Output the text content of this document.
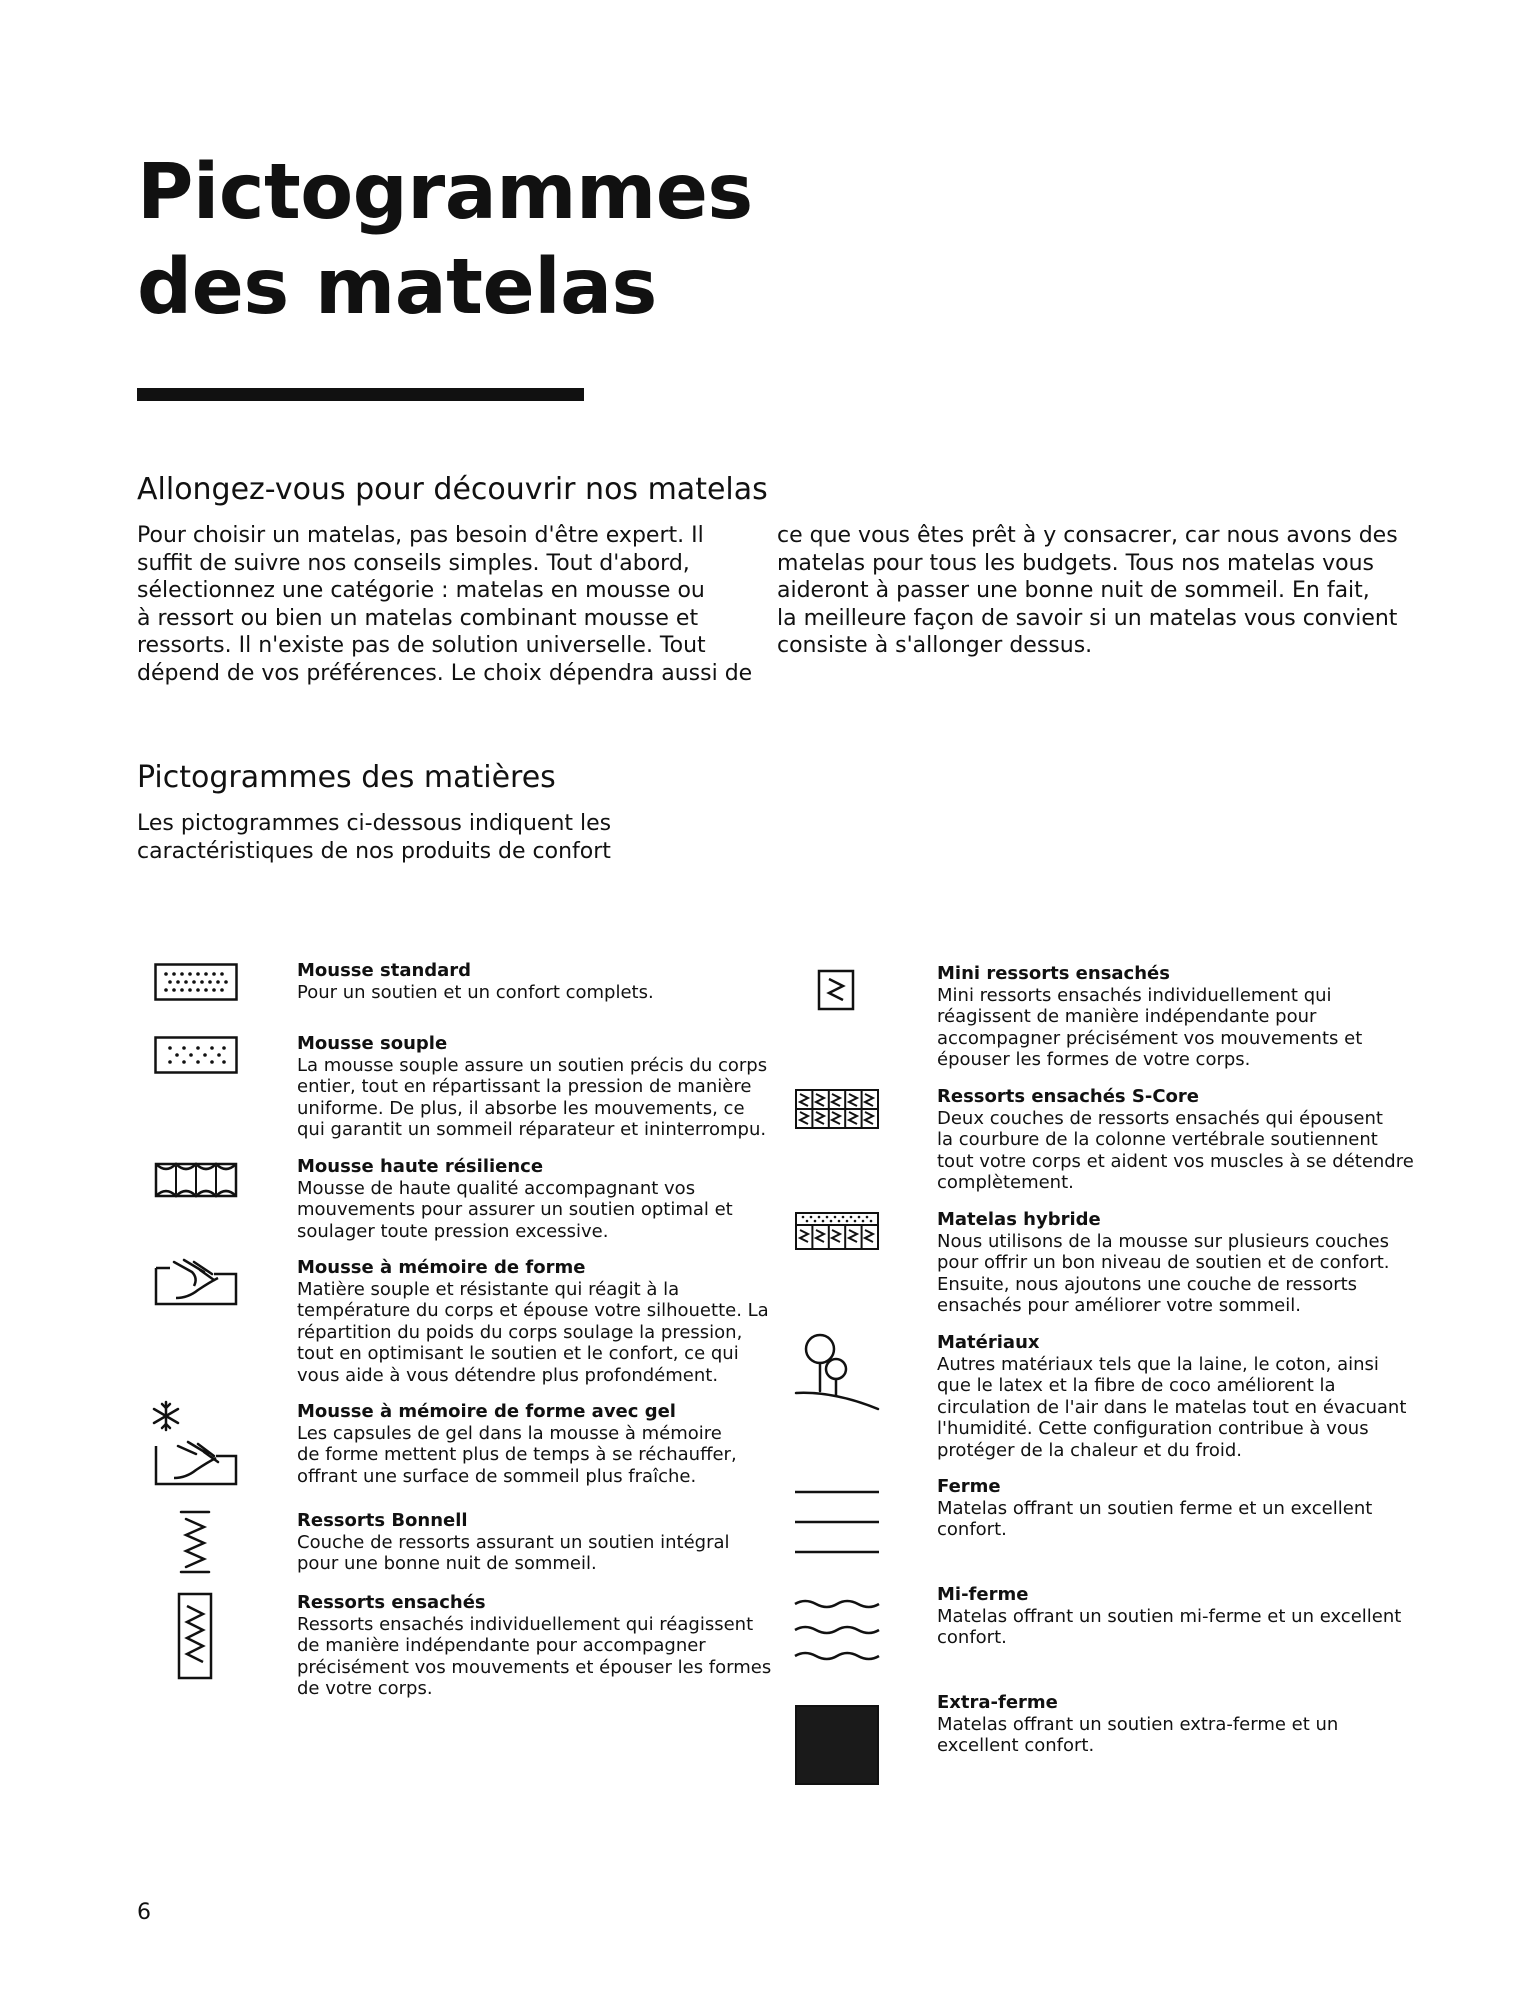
Pictogrammes
des matelas
Allongez-vous pour découvrir nos matelas
Pour choisir un matelas, pas besoin d'être expert. Il
suffit de suivre nos conseils simples. Tout d'abord,
sélectionnez une catégorie : matelas en mousse ou
à ressort ou bien un matelas combinant mousse et
ressorts. Il n'existe pas de solution universelle. Tout
dépend de vos préférences. Le choix dépendra aussi de
ce que vous êtes prêt à y consacrer, car nous avons des
matelas pour tous les budgets. Tous nos matelas vous
aideront à passer une bonne nuit de sommeil. En fait,
la meilleure façon de savoir si un matelas vous convient
consiste à s'allonger dessus.
Pictogrammes des matières
Les pictogrammes ci-dessous indiquent les
caractéristiques de nos produits de confort
Mousse standard
Pour un soutien et un confort complets.
Mousse souple
La mousse souple assure un soutien précis du corps
entier, tout en répartissant la pression de manière
uniforme. De plus, il absorbe les mouvements, ce
qui garantit un sommeil réparateur et ininterrompu.
Mousse haute résilience
Mousse de haute qualité accompagnant vos
mouvements pour assurer un soutien optimal et
soulager toute pression excessive.
Mousse à mémoire de forme
Matière souple et résistante qui réagit à la
température du corps et épouse votre silhouette. La
répartition du poids du corps soulage la pression,
tout en optimisant le soutien et le confort, ce qui
vous aide à vous détendre plus profondément.
Mousse à mémoire de forme avec gel
Les capsules de gel dans la mousse à mémoire
de forme mettent plus de temps à se réchauffer,
offrant une surface de sommeil plus fraîche.
Ressorts Bonnell
Couche de ressorts assurant un soutien intégral
pour une bonne nuit de sommeil.
Ressorts ensachés
Ressorts ensachés individuellement qui réagissent
de manière indépendante pour accompagner
précisément vos mouvements et épouser les formes
de votre corps.
Mini ressorts ensachés
Mini ressorts ensachés individuellement qui
réagissent de manière indépendante pour
accompagner précisément vos mouvements et
épouser les formes de votre corps.
Ressorts ensachés S-Core
Deux couches de ressorts ensachés qui épousent
la courbure de la colonne vertébrale soutiennent
tout votre corps et aident vos muscles à se détendre
complètement.
Matelas hybride
Nous utilisons de la mousse sur plusieurs couches
pour offrir un bon niveau de soutien et de confort.
Ensuite, nous ajoutons une couche de ressorts
ensachés pour améliorer votre sommeil.
Matériaux
Autres matériaux tels que la laine, le coton, ainsi
que le latex et la fibre de coco améliorent la
circulation de l'air dans le matelas tout en évacuant
l'humidité. Cette configuration contribue à vous
protéger de la chaleur et du froid.
Ferme
Matelas offrant un soutien ferme et un excellent
confort.
Mi-ferme
Matelas offrant un soutien mi-ferme et un excellent
confort.
Extra-ferme
Matelas offrant un soutien extra-ferme et un
excellent confort.
6
